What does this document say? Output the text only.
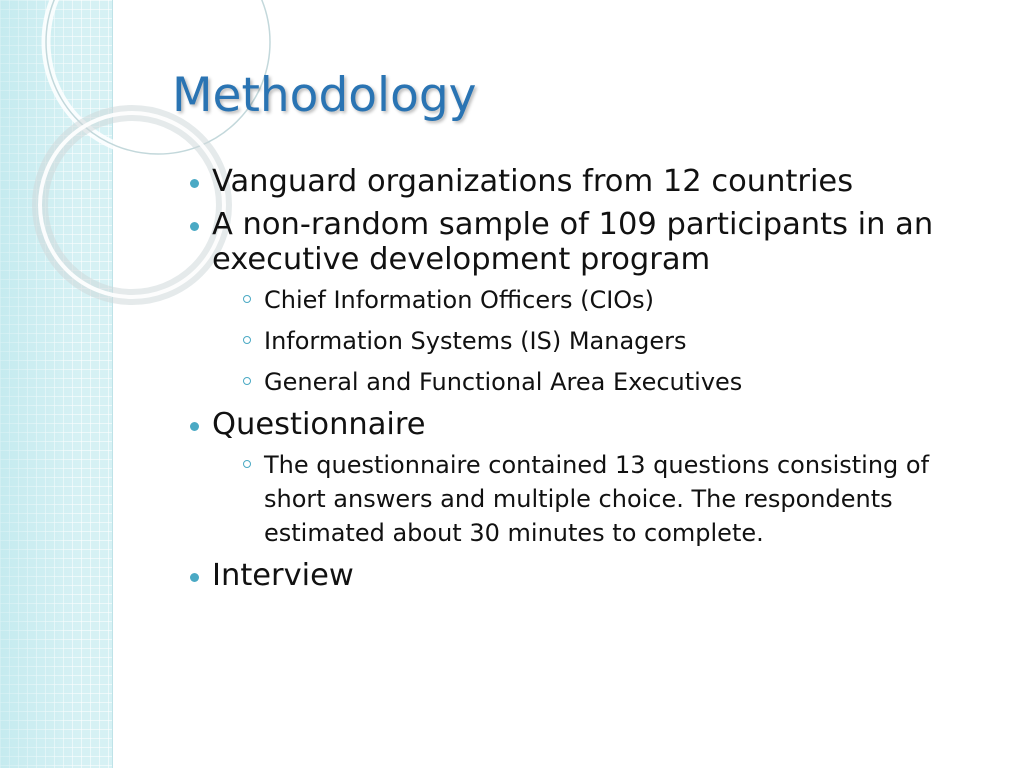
Methodology
Vanguard organizations from 12 countries
A non-random sample of 109 participants in an executive development program
Chief Information Officers (CIOs)
Information Systems (IS) Managers
General and Functional Area Executives
Questionnaire
The questionnaire contained 13 questions consisting of short answers and multiple choice. The respondents estimated about 30 minutes to complete.
Interview
